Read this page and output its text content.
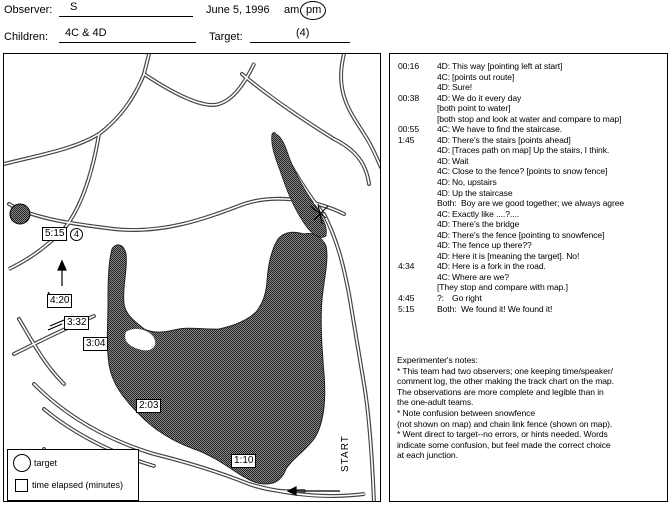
Observer: S	June 5, 1996 am pm
Children: 4C & 4D	Target:	(4)
5:15	4
4:20
3:32
3:04
2:03
1:10	START
target
time elapsed (minutes)
00:16 4D: This way [pointing left at start]
4C: [points out route]
4D: Sure!
00:38 4D: We do it every day
[both point to water]
[both stop and look at water and compare to map]
00:55 4C: We have to find the staircase.
1:45	4D: There's the stairs [points ahead]
4D: [Traces path on map] Up the stairs, I think.
4D: Wait
4C: Close to the fence? [points to snow fence]
4D: No, upstairs
4D: Up the staircase
Both: Boy are we good together; we always agree
4C: Exactly like ....?....
4D: There's the bridge
4D: There's the fence [pointing to snowfence]
4D: The fence up there??
4D: Here it is [meaning the target]. No!
4:34	4D: Here is a fork in the road.
4C: Where are we?
[They stop and compare with map.]
4:45	?: Go right
5:15	Both: We found it! We found it!
Experimenter's notes:
* This team had two observers; one keeping time/speaker/
comment log, the other making the track chart on the map.
The observations are more complete and legible than in
the one-adult teams.
* Note confusion between snowfence
(not shown on map) and chain link fence (shown on map).
* Went direct to target--no errors, or hints needed. Words
indicate some confusion, but feel made the correct choice
at each junction.
